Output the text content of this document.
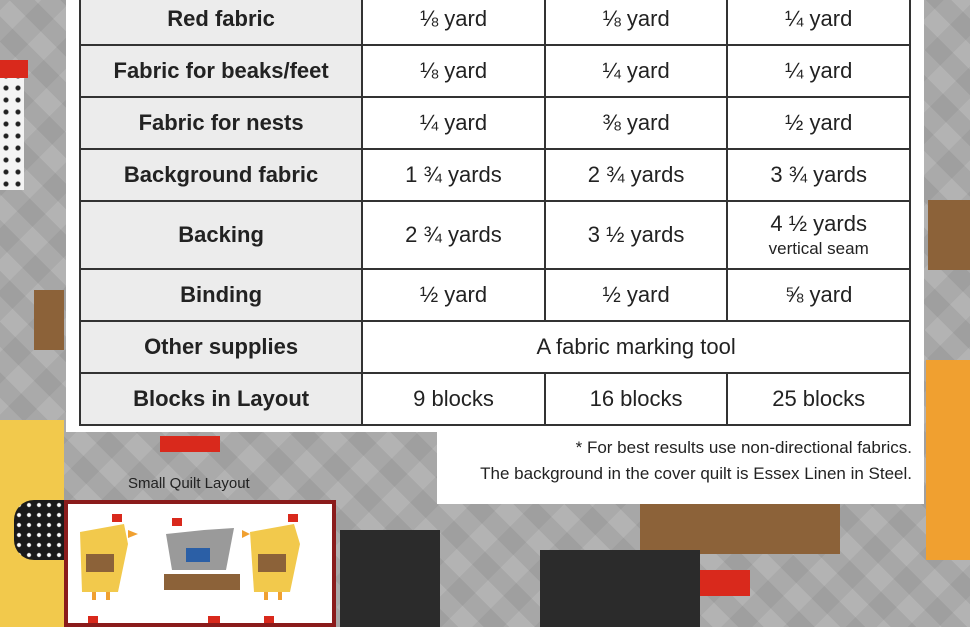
Red fabric	⅛ yard	⅛ yard	¼ yard
Fabric for beaks/feet	⅛ yard	¼ yard	¼ yard
Fabric for nests	¼ yard	⅜ yard	½ yard
Background fabric	1 ¾ yards	2 ¾ yards	3 ¾ yards
Backing	2 ¾ yards	3 ½ yards	4 ½ yards
vertical seam

Binding	½ yard	½ yard	⅝ yard
Other supplies	A fabric marking tool		
Blocks in Layout	9 blocks	16 blocks	25 blocks
* For best results use non-directional fabrics.
The background in the cover quilt is Essex Linen in Steel.
Small Quilt Layout
